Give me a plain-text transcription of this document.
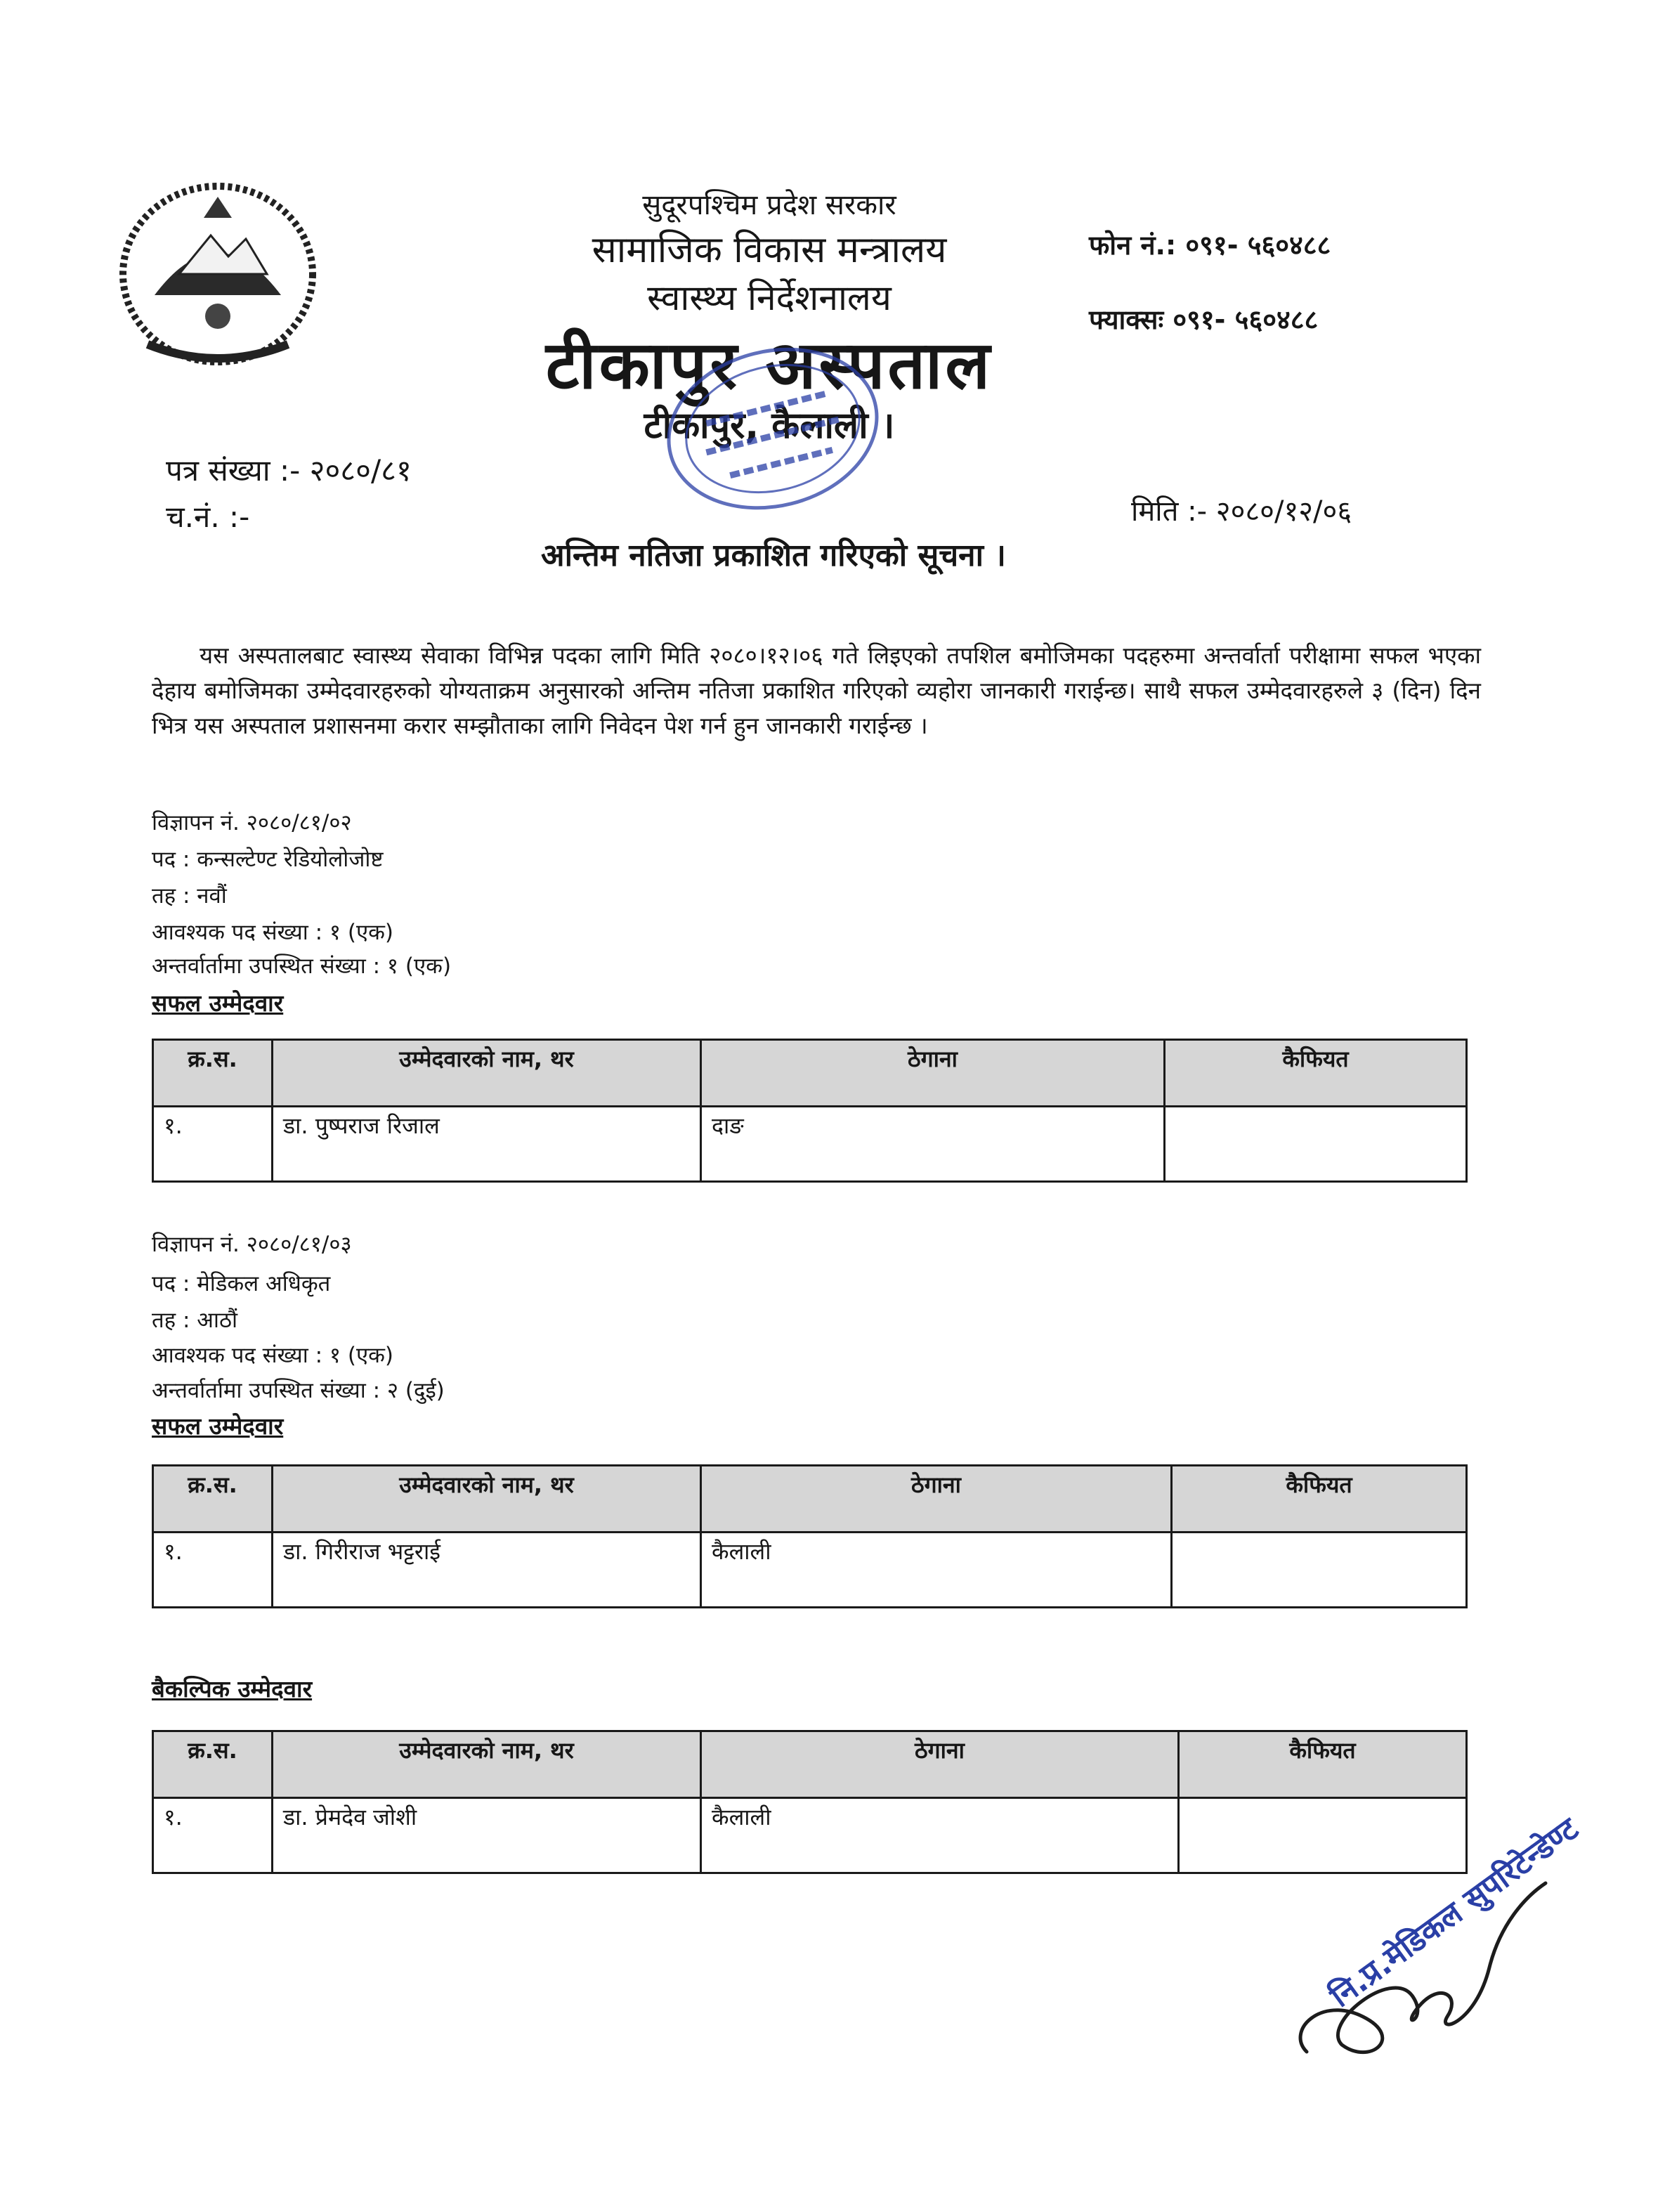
सुदूरपश्चिम प्रदेश सरकार
सामाजिक विकास मन्त्रालय
स्वास्थ्य निर्देशनालय
टीकापुर अस्पताल
टीकापुर, कैलाली ।
फोन नं.: ०९१- ५६०४८८
फ्याक्सः ०९१- ५६०४८८
पत्र संख्या :- २०८०/८१
च.नं. :-	मिति :- २०८०/१२/०६
अन्तिम नतिजा प्रकाशित गरिएको सूचना ।

यस अस्पतालबाट स्वास्थ्य सेवाका विभिन्न पदका लागि मिति २०८०।१२।०६ गते लिइएको तपशिल बमोजिमका पदहरुमा अन्तर्वार्ता परीक्षामा सफल भएका देहाय बमोजिमका उम्मेदवारहरुको योग्यताक्रम अनुसारको अन्तिम नतिजा प्रकाशित गरिएको व्यहोरा जानकारी गराईन्छ। साथै सफल उम्मेदवारहरुले ३ (दिन) दिन भित्र यस अस्पताल प्रशासनमा करार सम्झौताका लागि निवेदन पेश गर्न हुन जानकारी गराईन्छ ।

विज्ञापन नं. २०८०/८१/०२
पद : कन्सल्टेण्ट रेडियोलोजोष्ट
तह : नवौं
आवश्यक पद संख्या : १ (एक)
अन्तर्वार्तामा उपस्थित संख्या : १ (एक)
सफल उम्मेदवार
क्र.स.	उम्मेदवारको नाम, थर	ठेगाना	कैफियत
१.	डा. पुष्पराज रिजाल	दाङ	
विज्ञापन नं. २०८०/८१/०३
पद : मेडिकल अधिकृत
तह : आठौं
आवश्यक पद संख्या : १ (एक)
अन्तर्वार्तामा उपस्थित संख्या : २ (दुई)
सफल उम्मेदवार
क्र.स.	उम्मेदवारको नाम, थर	ठेगाना	कैफियत
१.	डा. गिरीराज भट्टराई	कैलाली	
बैकल्पिक उम्मेदवार
क्र.स.	उम्मेदवारको नाम, थर	ठेगाना	कैफियत
१.	डा. प्रेमदेव जोशी	कैलाली		नि.प्र.मेडिकल सुपरिटेन्डेण्ट
